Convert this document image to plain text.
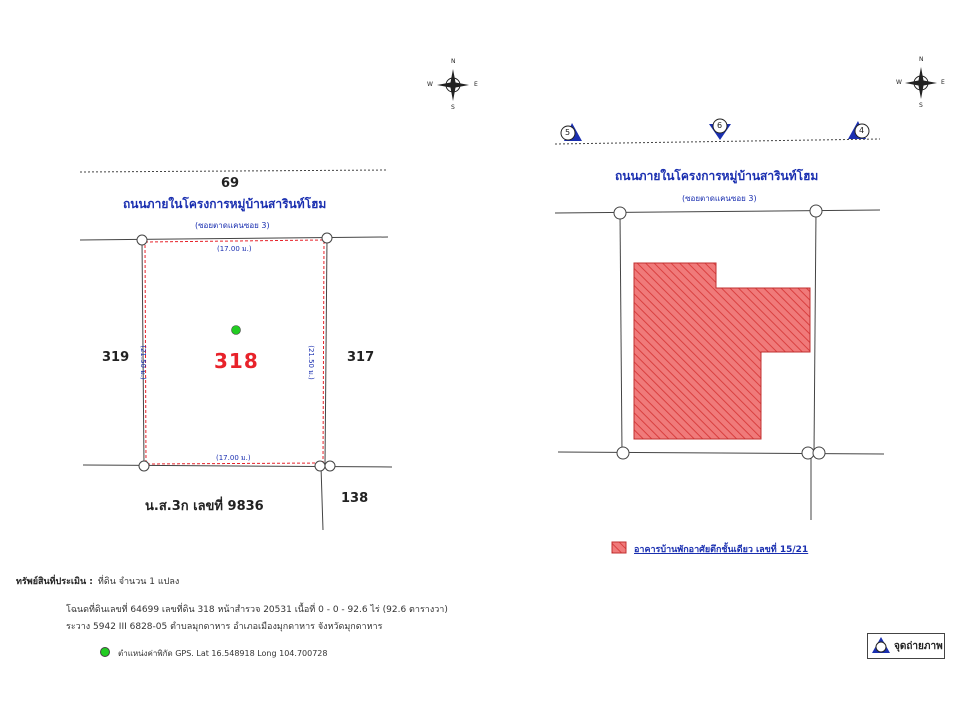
69
ถนนภายในโครงการหมู่บ้านสารินท์โฮม
(ซอยตาดแคนซอย 3)
(17.00 ม.)
(17.00 ม.)
(21.50 ม.)	(21.50 ม.)
319	317
318
138
น.ส.3ก เลขที่ 9836
N
S
W	E
ถนนภายในโครงการหมู่บ้านสารินท์โฮม
(ซอยตาดแคนซอย 3)
5
6
4
N
S
W	E
อาคารบ้านพักอาศัยตึกชั้นเดียว เลขที่ 15/21
ทรัพย์สินที่ประเมิน : ที่ดิน จำนวน 1 แปลง
โฉนดที่ดินเลขที่ 64699 เลขที่ดิน 318 หน้าสำรวจ 20531 เนื้อที่ 0 - 0 - 92.6 ไร่ (92.6 ตารางวา)
ระวาง 5942 III 6828-05 ตำบลมุกดาหาร อำเภอเมืองมุกดาหาร จังหวัดมุกดาหาร
ตำแหน่งค่าพิกัด GPS. Lat 16.548918 Long 104.700728
จุดถ่ายภาพ
